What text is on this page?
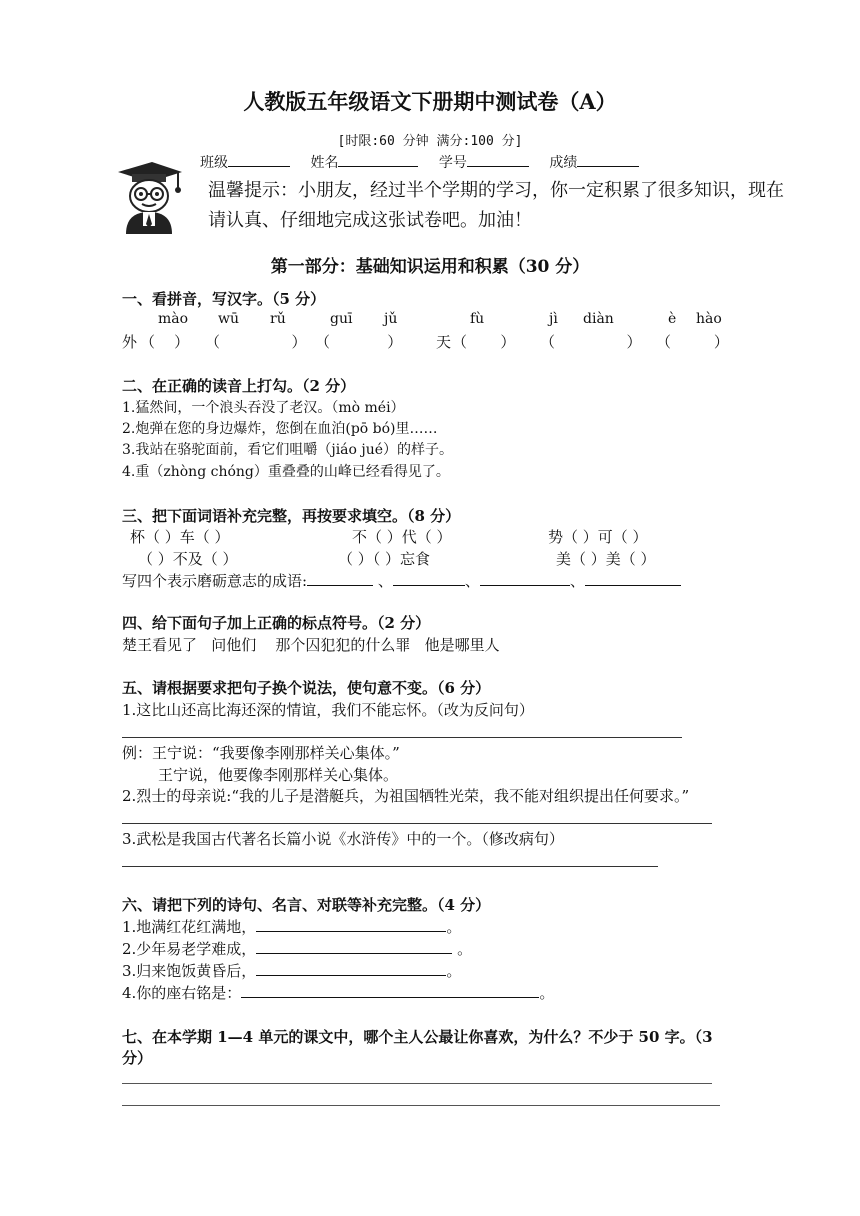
人教版五年级语文下册期中测试卷（A）
[时限:60 分钟 满分:100 分]
班级	姓名	学号	成绩
温馨提示：小朋友，经过半个学期的学习，你一定积累了很多知识，现在请认真、仔细地完成这张试卷吧。加油！
第一部分：基础知识运用和积累（30 分）
一、看拼音，写汉字。（5 分）
mào wū rǔ	guī jǔ	fù	jì diàn	è hào
外 （    ） （               ） （            ） 天 （       ） （               ） （         ）
二、在正确的读音上打勾。（2 分）
1.猛然间，一个浪头吞没了老汉。（mò méi）
2.炮弹在您的身边爆炸，您倒在血泊(pō bó)里……
3.我站在骆驼面前，看它们咀嚼（jiáo jué）的样子。
4.重（zhòng chóng）重叠叠的山峰已经看得见了。
三、把下面词语补充完整，再按要求填空。（8 分）
杯（ ）车（ ）	不（ ）代（ ）	势（ ）可（ ）
（ ）不及（ ）	（ ）（ ）忘食	美（ ）美（ ）
写四个表示磨砺意志的成语:	、	、	、
四、给下面句子加上正确的标点符号。（2 分）
楚王看见了   问他们    那个囚犯犯的什么罪   他是哪里人
五、请根据要求把句子换个说法，使句意不变。（6 分）
1.这比山还高比海还深的情谊，我们不能忘怀。（改为反问句）
例：王宁说：“我要像李刚那样关心集体。”
王宁说，他要像李刚那样关心集体。
2.烈士的母亲说:“我的儿子是潜艇兵，为祖国牺牲光荣，我不能对组织提出任何要求。”
3.武松是我国古代著名长篇小说《水浒传》中的一个。（修改病句）
六、请把下列的诗句、名言、对联等补充完整。（4 分）
1.地满红花红满地，	。
2.少年易老学难成，	。
3.归来饱饭黄昏后，	。
4.你的座右铭是：	。
七、在本学期 1—4 单元的课文中，哪个主人公最让你喜欢，为什么？不少于 50 字。（3
分）
